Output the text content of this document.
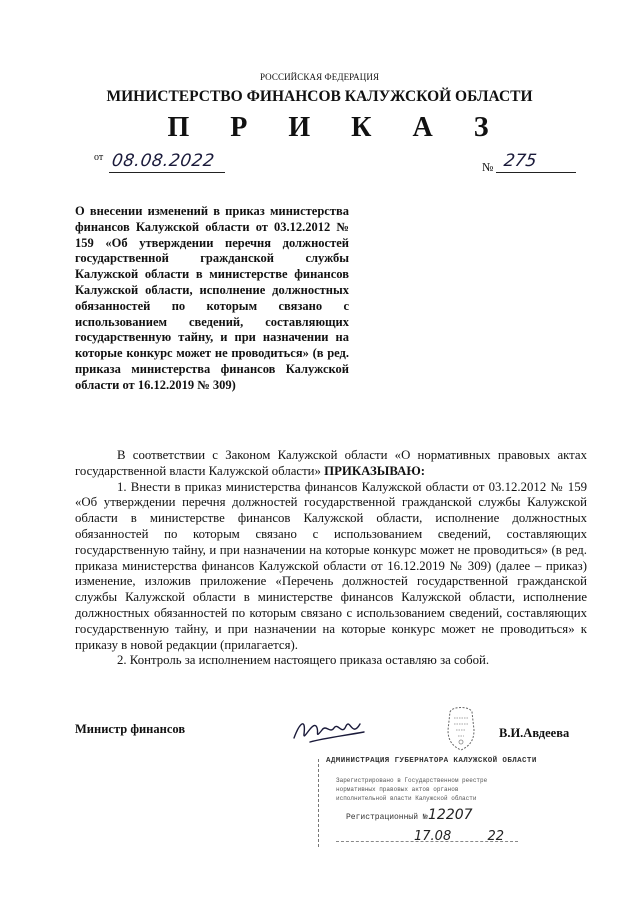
РОССИЙСКАЯ ФЕДЕРАЦИЯ
МИНИСТЕРСТВО ФИНАНСОВ КАЛУЖСКОЙ ОБЛАСТИ
П Р И К А З
от 08.08.2022	№ 275
О внесении изменений в приказ министерства финансов Калужской области от 03.12.2012 № 159 «Об утверждении перечня должностей государственной гражданской службы Калужской области в министерстве финансов Калужской области, исполнение должностных обязанностей по которым связано с использованием сведений, составляющих государственную тайну, и при назначении на которые конкурс может не проводиться» (в ред. приказа министерства финансов Калужской области от 16.12.2019 № 309)

В соответствии с Законом Калужской области «О нормативных правовых актах государственной власти Калужской области» ПРИКАЗЫВАЮ:

1. Внести в приказ министерства финансов Калужской области от 03.12.2012 № 159 «Об утверждении перечня должностей государственной гражданской службы Калужской области в министерстве финансов Калужской области, исполнение должностных обязанностей по которым связано с использованием сведений, составляющих государственную тайну, и при назначении на которые конкурс может не проводиться» (в ред. приказа министерства финансов Калужской области от 16.12.2019 № 309) (далее – приказ) изменение, изложив приложение «Перечень должностей государственной гражданской службы Калужской области в министерстве финансов Калужской области, исполнение должностных обязанностей по которым связано с использованием сведений, составляющих государственную тайну, и при назначении на которые конкурс может не проводиться» к приказу в новой редакции (прилагается).

2. Контроль за исполнением настоящего приказа оставляю за собой.

Министр финансов	В.И.Авдеева
АДМИНИСТРАЦИЯ ГУБЕРНАТОРА КАЛУЖСКОЙ ОБЛАСТИ
Зарегистрировано в Государственном реестре
нормативных правовых актов органов
исполнительной власти Калужской области
Регистрационный № 12207
17.08	22
